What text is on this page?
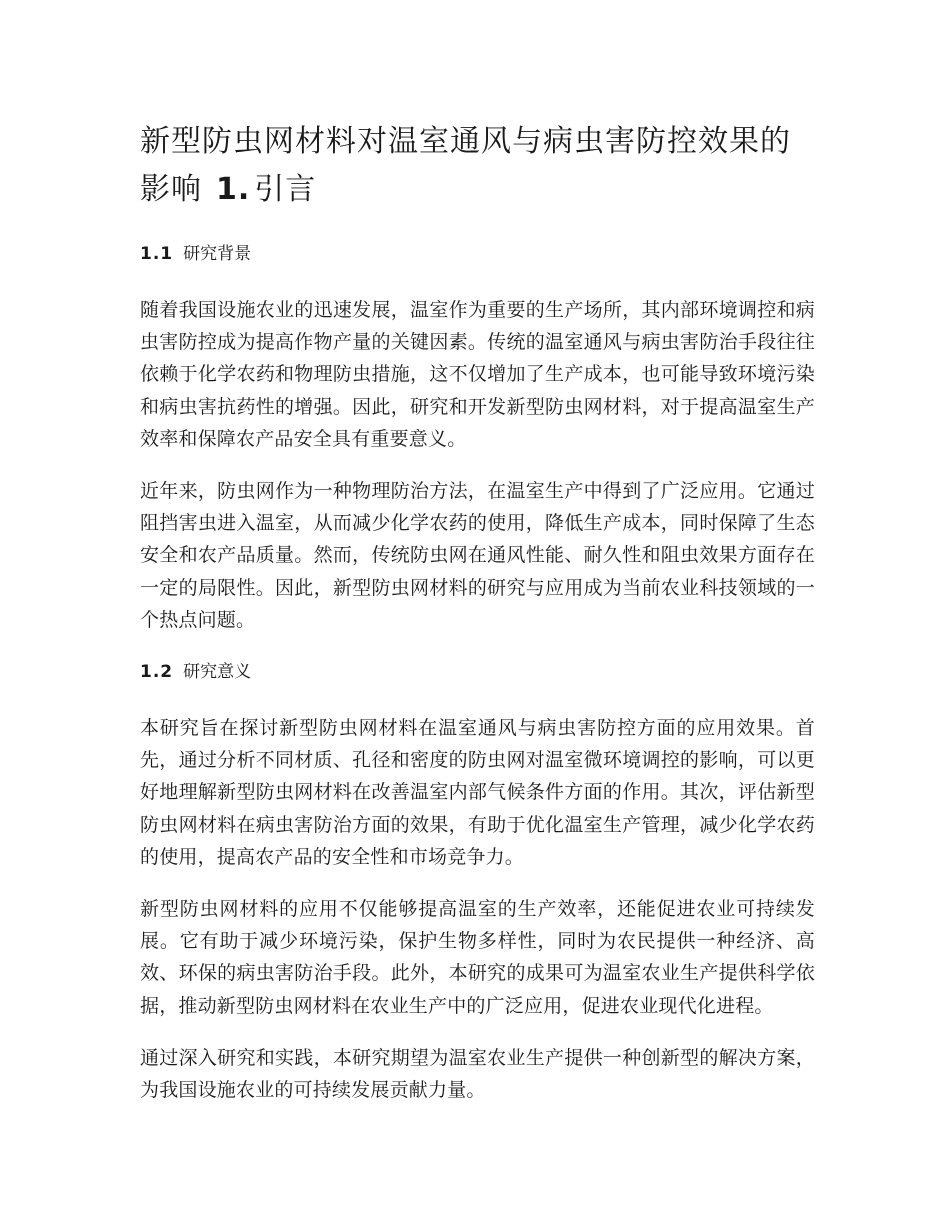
新型防虫网材料对温室通风与病虫害防控效果的影响 1. 引言
1.1 研究背景

随着我国设施农业的迅速发展，温室作为重要的生产场所，其内部环境调控和病虫害防控成为提高作物产量的关键因素。传统的温室通风与病虫害防治手段往往依赖于化学农药和物理防虫措施，这不仅增加了生产成本，也可能导致环境污染和病虫害抗药性的增强。因此，研究和开发新型防虫网材料，对于提高温室生产效率和保障农产品安全具有重要意义。

近年来，防虫网作为一种物理防治方法，在温室生产中得到了广泛应用。它通过阻挡害虫进入温室，从而减少化学农药的使用，降低生产成本，同时保障了生态安全和农产品质量。然而，传统防虫网在通风性能、耐久性和阻虫效果方面存在一定的局限性。因此，新型防虫网材料的研究与应用成为当前农业科技领域的一个热点问题。

1.2 研究意义

本研究旨在探讨新型防虫网材料在温室通风与病虫害防控方面的应用效果。首先，通过分析不同材质、孔径和密度的防虫网对温室微环境调控的影响，可以更好地理解新型防虫网材料在改善温室内部气候条件方面的作用。其次，评估新型防虫网材料在病虫害防治方面的效果，有助于优化温室生产管理，减少化学农药的使用，提高农产品的安全性和市场竞争力。

新型防虫网材料的应用不仅能够提高温室的生产效率，还能促进农业可持续发展。它有助于减少环境污染，保护生物多样性，同时为农民提供一种经济、高效、环保的病虫害防治手段。此外，本研究的成果可为温室农业生产提供科学依据，推动新型防虫网材料在农业生产中的广泛应用，促进农业现代化进程。

通过深入研究和实践，本研究期望为温室农业生产提供一种创新型的解决方案，为我国设施农业的可持续发展贡献力量。
